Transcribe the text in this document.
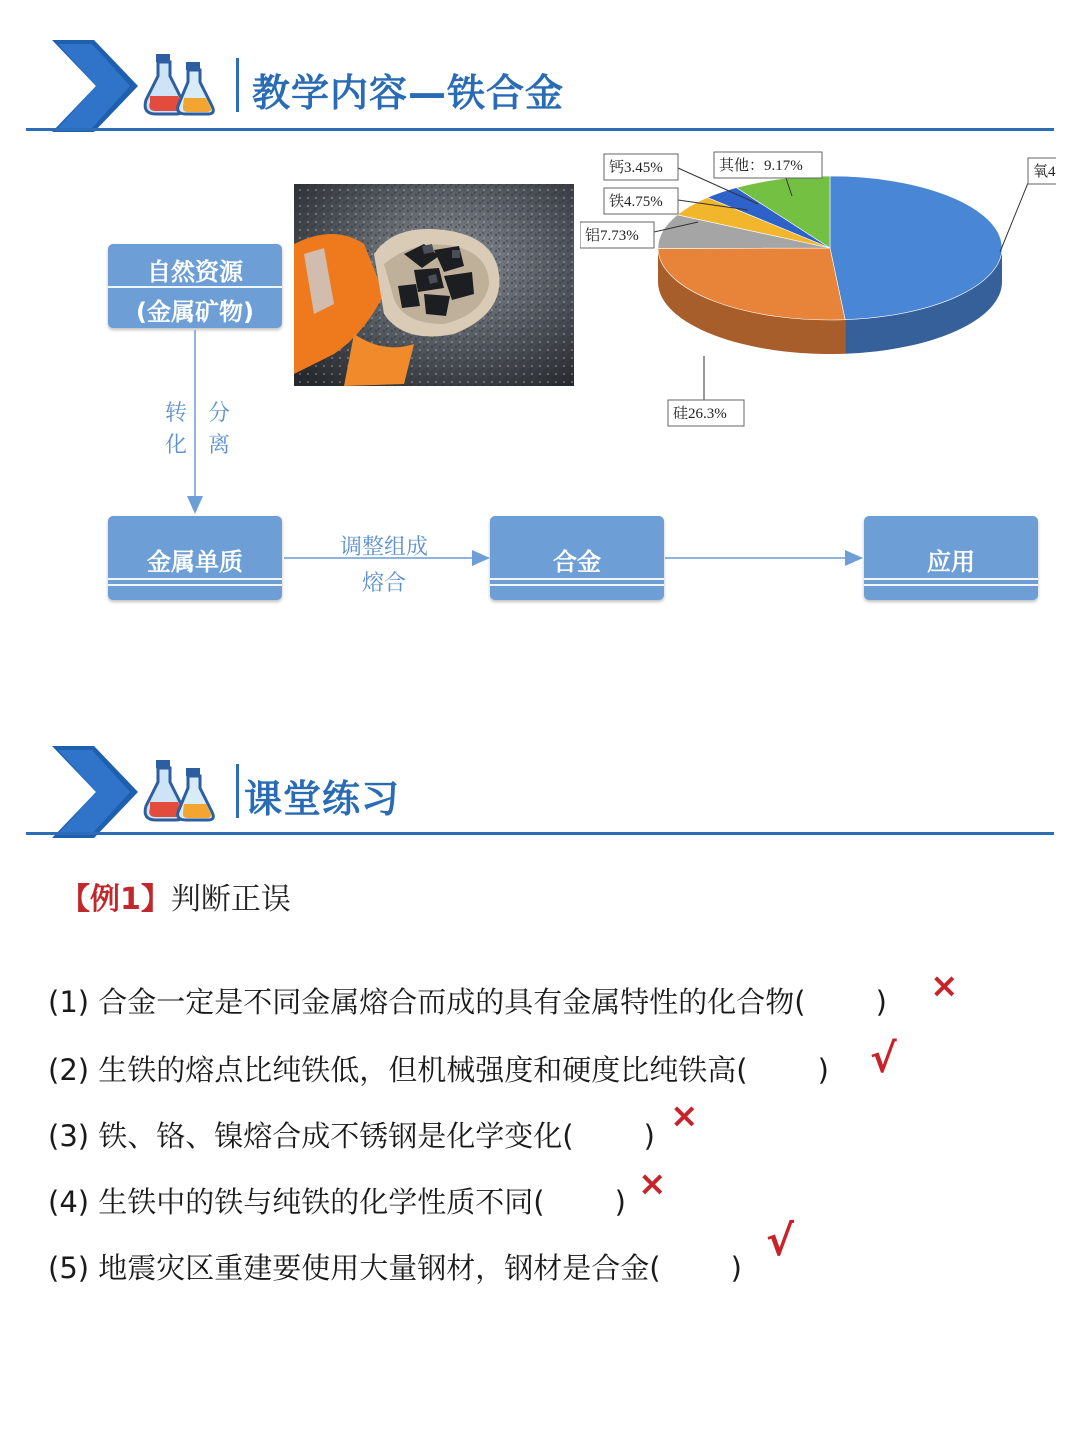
教学内容—铁合金
自然资源
(金属矿物)
转
化
分
离
金属单质
调整组成
熔合
合金	应用
钙3.45%	其他：9.17%
铁4.75%
铝7.73%
硅26.3%
氧4
课堂练习
【例1】判断正误
(1) 合金一定是不同金属熔合而成的具有金属特性的化合物( ) ×
(2) 生铁的熔点比纯铁低，但机械强度和硬度比纯铁高( ) √
(3) 铁、铬、镍熔合成不锈钢是化学变化( ) ×
(4) 生铁中的铁与纯铁的化学性质不同( ) ×
(5) 地震灾区重建要使用大量钢材，钢材是合金( )
√
